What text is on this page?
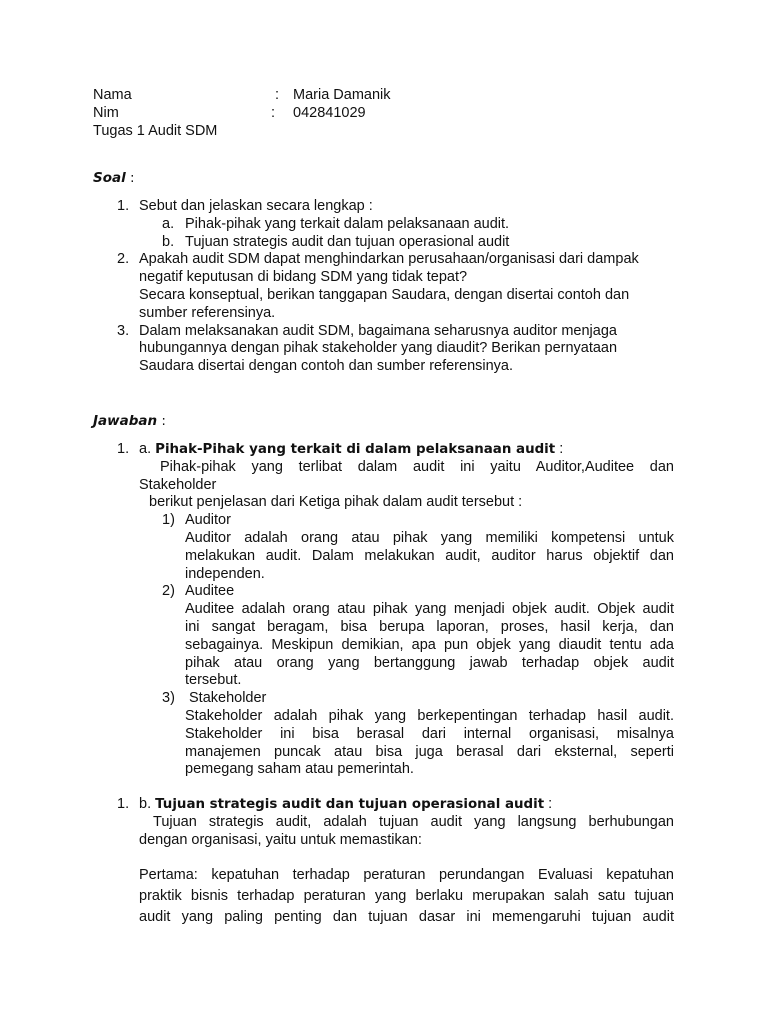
Nama	: Maria Damanik
Nim	: 042841029
Tugas 1 Audit SDM
Soal :
1. Sebut dan jelaskan secara lengkap :
a. Pihak-pihak yang terkait dalam pelaksanaan audit.
b. Tujuan strategis audit dan tujuan operasional audit
2. Apakah audit SDM dapat menghindarkan perusahaan/organisasi dari dampak
negatif keputusan di bidang SDM yang tidak tepat?
Secara konseptual, berikan tanggapan Saudara, dengan disertai contoh dan
sumber referensinya.
3. Dalam melaksanakan audit SDM, bagaimana seharusnya auditor menjaga
hubungannya dengan pihak stakeholder yang diaudit? Berikan pernyataan
Saudara disertai dengan contoh dan sumber referensinya.
Jawaban :
1. a. Pihak-Pihak yang terkait di dalam pelaksanaan audit :
Pihak-pihak yang terlibat dalam audit ini yaitu Auditor,Auditee dan
Stakeholder
berikut penjelasan dari Ketiga pihak dalam audit tersebut :
1) Auditor
Auditor adalah orang atau pihak yang memiliki kompetensi untuk
melakukan audit. Dalam melakukan audit, auditor harus objektif dan
independen.
2) Auditee
Auditee adalah orang atau pihak yang menjadi objek audit. Objek audit
ini sangat beragam, bisa berupa laporan, proses, hasil kerja, dan
sebagainya. Meskipun demikian, apa pun objek yang diaudit tentu ada
pihak atau orang yang bertanggung jawab terhadap objek audit
tersebut.
3) Stakeholder
Stakeholder adalah pihak yang berkepentingan terhadap hasil audit.
Stakeholder ini bisa berasal dari internal organisasi, misalnya
manajemen puncak atau bisa juga berasal dari eksternal, seperti
pemegang saham atau pemerintah.
1. b. Tujuan strategis audit dan tujuan operasional audit :
Tujuan strategis audit, adalah tujuan audit yang langsung berhubungan
dengan organisasi, yaitu untuk memastikan:
Pertama: kepatuhan terhadap peraturan perundangan Evaluasi kepatuhan
praktik bisnis terhadap peraturan yang berlaku merupakan salah satu tujuan
audit yang paling penting dan tujuan dasar ini memengaruhi tujuan audit
